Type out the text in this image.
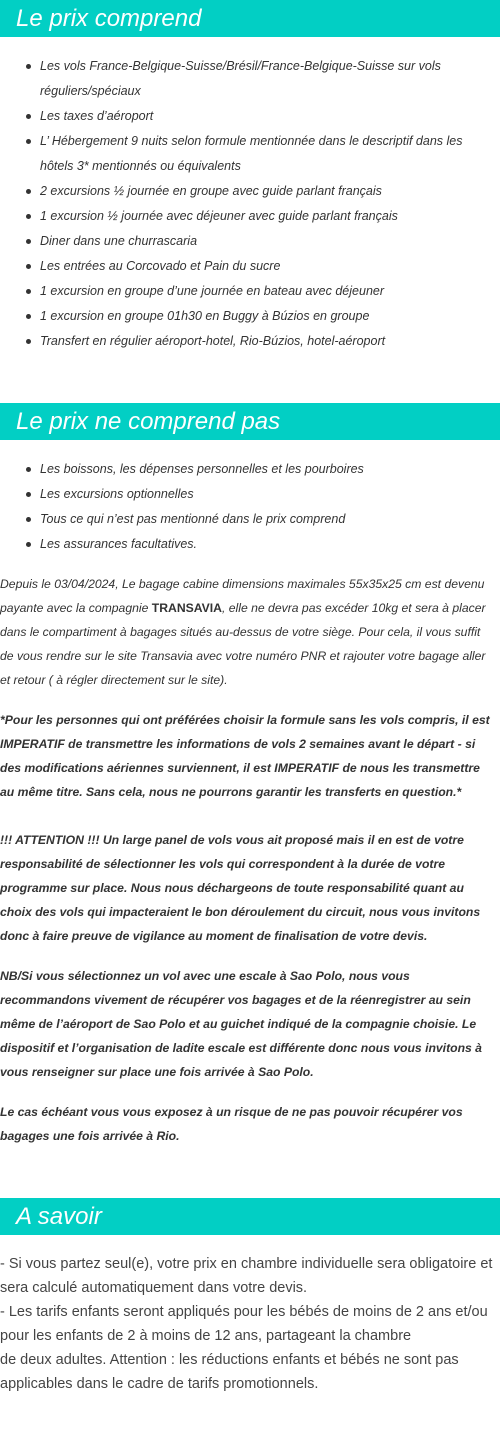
Le prix comprend
Les vols France-Belgique-Suisse/Brésil/France-Belgique-Suisse sur vols réguliers/spéciaux
Les taxes d’aéroport
L’ Hébergement 9 nuits selon formule mentionnée dans le descriptif dans les hôtels 3* mentionnés ou équivalents
2 excursions ½ journée en groupe avec guide parlant français
1 excursion ½ journée avec déjeuner avec guide parlant français
Diner dans une churrascaria
Les entrées au Corcovado et Pain du sucre
1 excursion en groupe d’une journée en bateau avec déjeuner
1 excursion en groupe 01h30 en Buggy à Búzios en groupe
Transfert en régulier aéroport-hotel, Rio-Búzios, hotel-aéroport
Le prix ne comprend pas
Les boissons, les dépenses personnelles et les pourboires
Les excursions optionnelles
Tous ce qui n’est pas mentionné dans le prix comprend
Les assurances facultatives.

Depuis le 03/04/2024, Le bagage cabine dimensions maximales 55x35x25 cm est devenu payante avec la compagnie TRANSAVIA, elle ne devra pas excéder 10kg et sera à placer dans le compartiment à bagages situés au-dessus de votre siège. Pour cela, il vous suffit de vous rendre sur le site Transavia avec votre numéro PNR et rajouter votre bagage aller et retour ( à régler directement sur le site).

*Pour les personnes qui ont préférées choisir la formule sans les vols compris, il est IMPERATIF de transmettre les informations de vols 2 semaines avant le départ - si des modifications aériennes surviennent, il est IMPERATIF de nous les transmettre au même titre. Sans cela, nous ne pourrons garantir les transferts en question.*

!!! ATTENTION !!! Un large panel de vols vous ait proposé mais il en est de votre responsabilité de sélectionner les vols qui correspondent à la durée de votre programme sur place. Nous nous déchargeons de toute responsabilité quant au choix des vols qui impacteraient le bon déroulement du circuit, nous vous invitons donc à faire preuve de vigilance au moment de finalisation de votre devis.

NB/Si vous sélectionnez un vol avec une escale à Sao Polo, nous vous recommandons vivement de récupérer vos bagages et de la réenregistrer au sein même de l’aéroport de Sao Polo et au guichet indiqué de la compagnie choisie. Le dispositif et l’organisation de ladite escale est différente donc nous vous invitons à vous renseigner sur place une fois arrivée à Sao Polo.

Le cas échéant vous vous exposez à un risque de ne pas pouvoir récupérer vos bagages une fois arrivée à Rio.

A savoir
- Si vous partez seul(e), votre prix en chambre individuelle sera obligatoire et sera calculé automatiquement dans votre devis.
- Les tarifs enfants seront appliqués pour les bébés de moins de 2 ans et/ou pour les enfants de 2 à moins de 12 ans, partageant la chambre
de deux adultes. Attention : les réductions enfants et bébés ne sont pas applicables dans le cadre de tarifs promotionnels.
